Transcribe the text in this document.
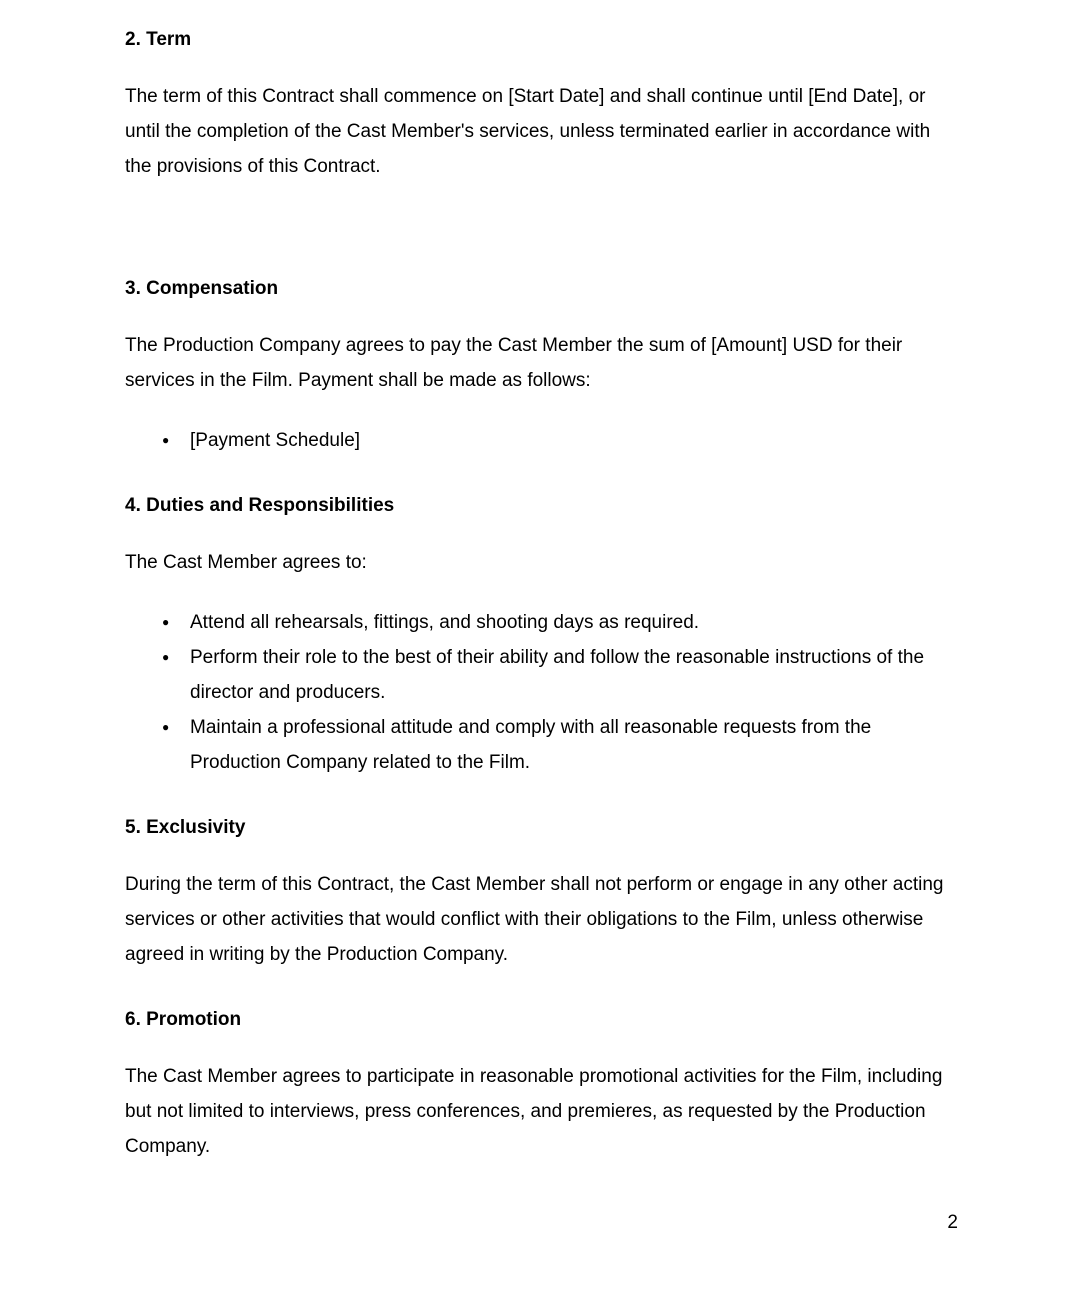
2. Term

The term of this Contract shall commence on [Start Date] and shall continue until [End Date], or until the completion of the Cast Member's services, unless terminated earlier in accordance with the provisions of this Contract.

3. Compensation

The Production Company agrees to pay the Cast Member the sum of [Amount] USD for their services in the Film. Payment shall be made as follows:

● [Payment Schedule]
4. Duties and Responsibilities

The Cast Member agrees to:

● Attend all rehearsals, fittings, and shooting days as required.
● Perform their role to the best of their ability and follow the reasonable instructions of the director and producers.
● Maintain a professional attitude and comply with all reasonable requests from the Production Company related to the Film.
5. Exclusivity

During the term of this Contract, the Cast Member shall not perform or engage in any other acting services or other activities that would conflict with their obligations to the Film, unless otherwise agreed in writing by the Production Company.

6. Promotion

The Cast Member agrees to participate in reasonable promotional activities for the Film, including but not limited to interviews, press conferences, and premieres, as requested by the Production Company.

2
